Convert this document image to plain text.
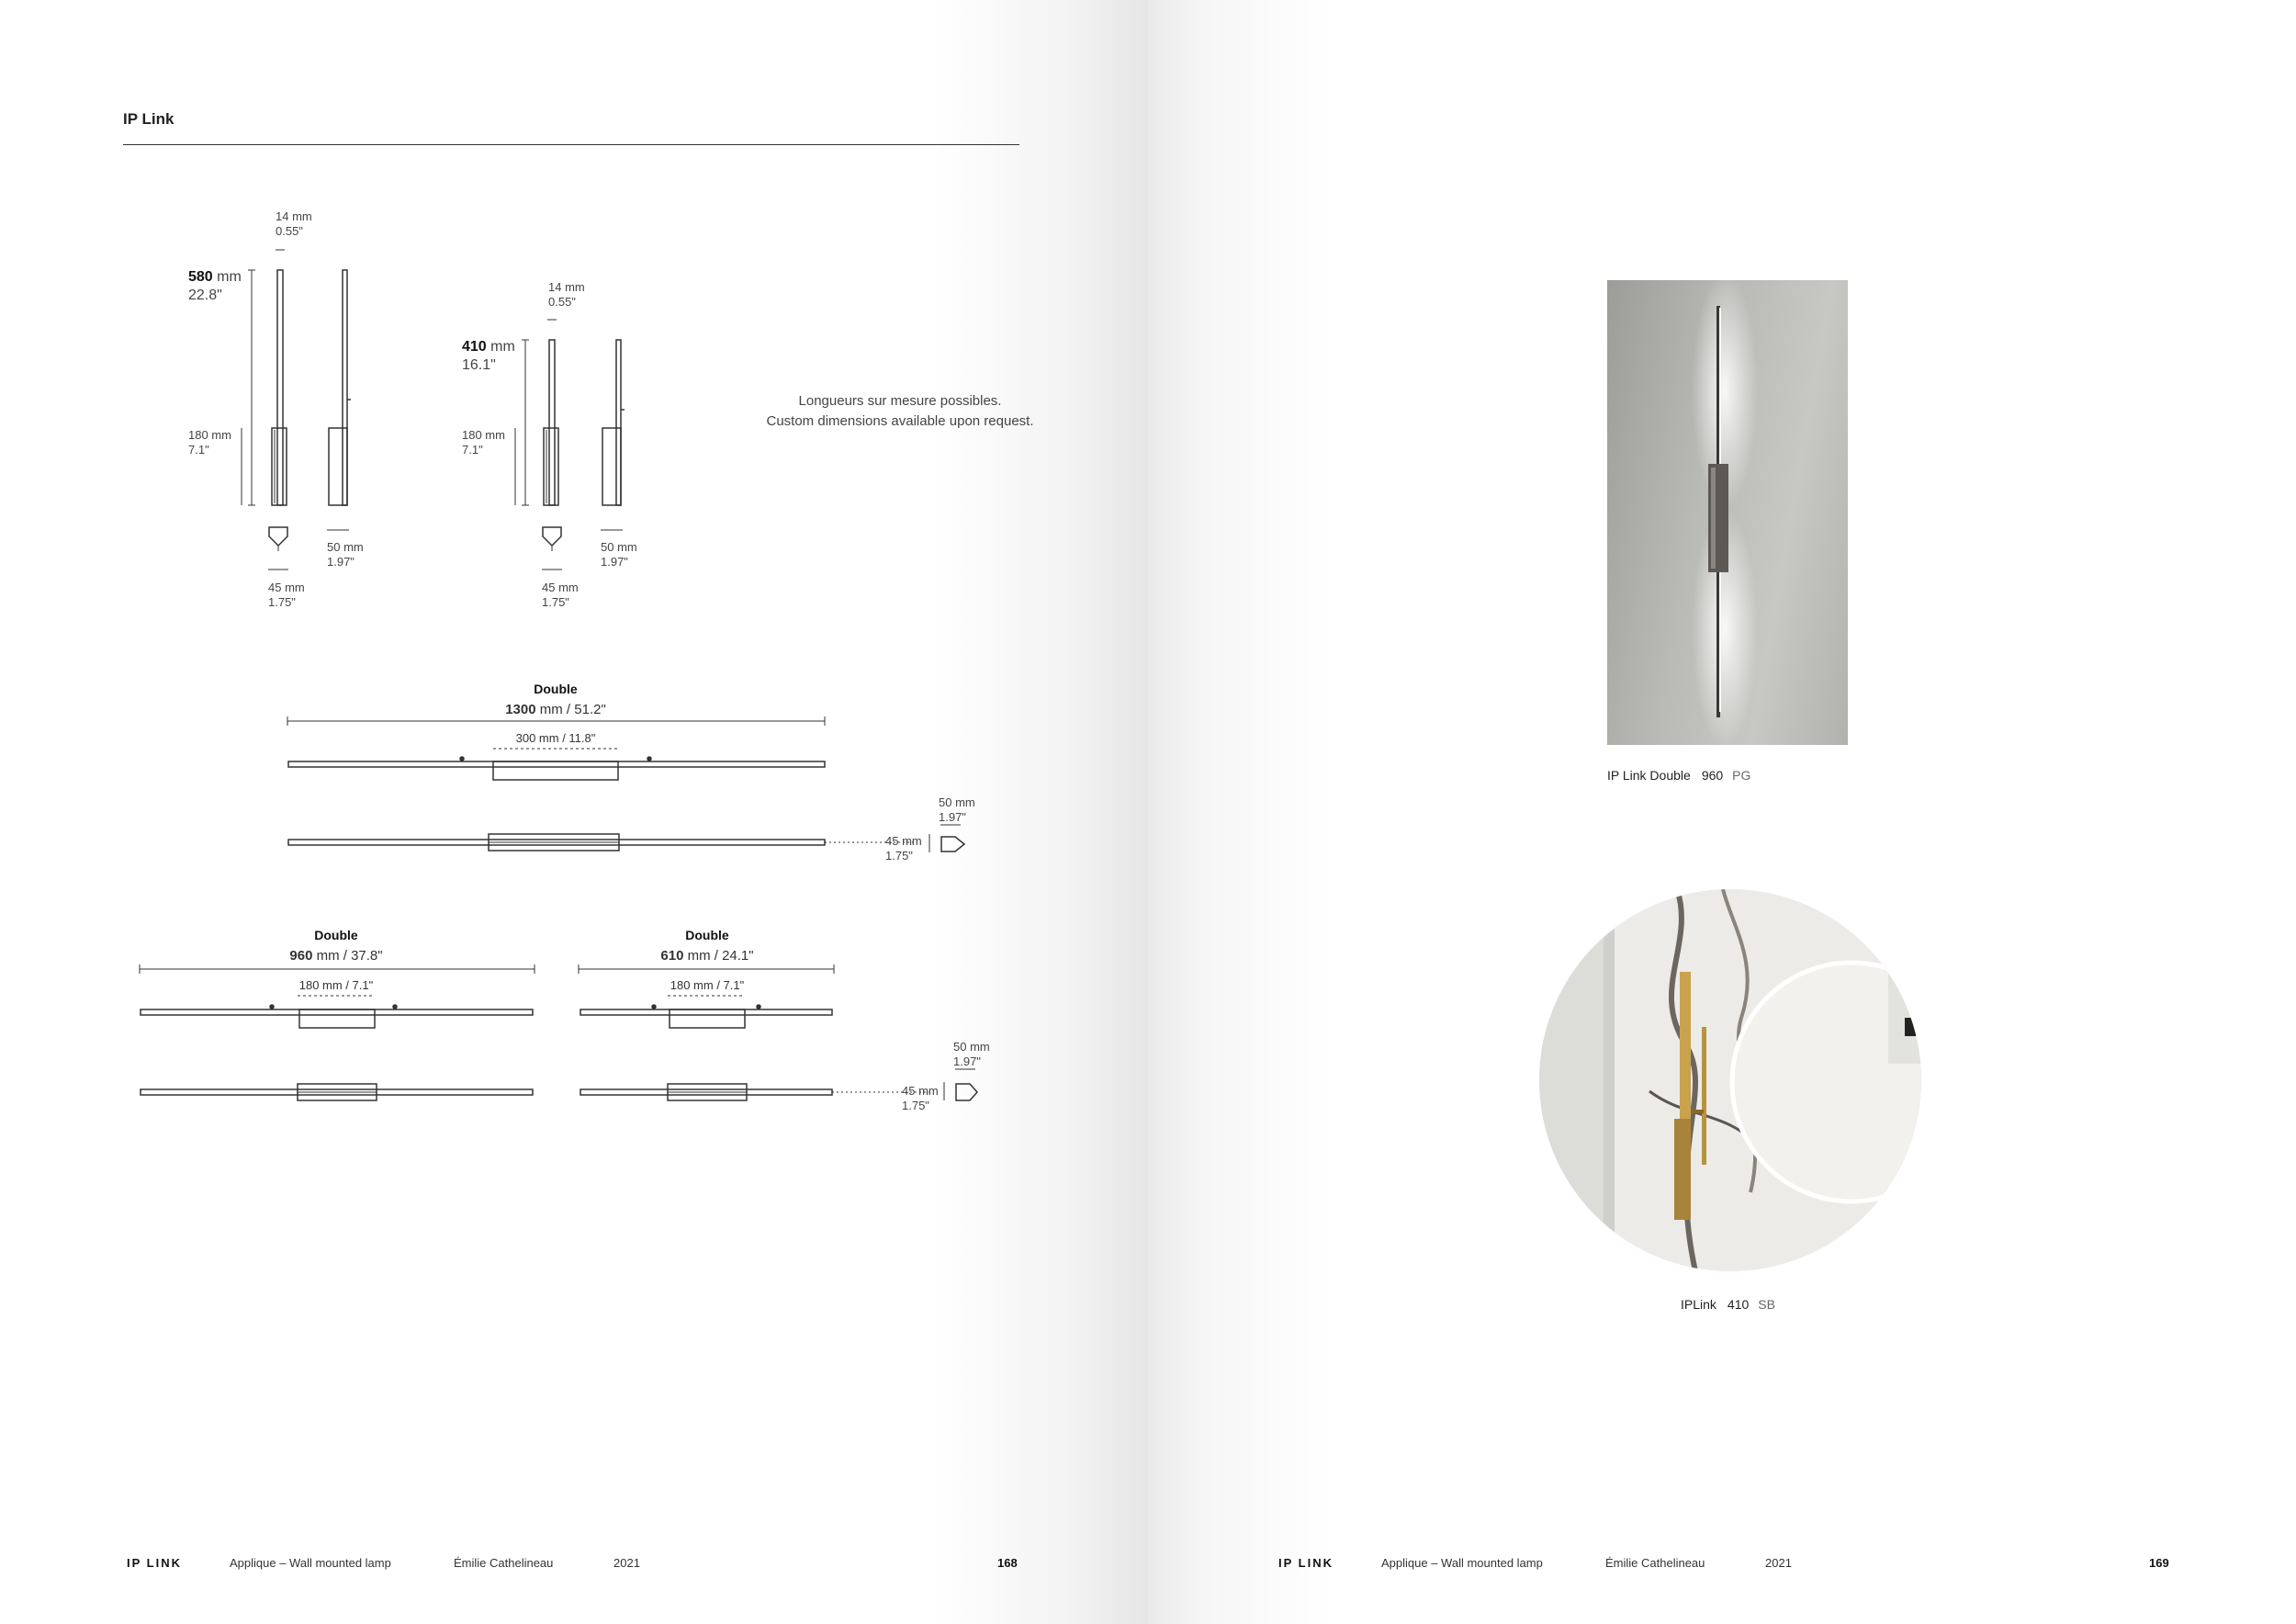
IP Link
14 mm
0.55"
580 mm
22.8"
180 mm
7.1"
50 mm
1.97"
45 mm
1.75"
14 mm
0.55"
410 mm
16.1"
180 mm
7.1"
50 mm
1.97"
45 mm
1.75"
Longueurs sur mesure possibles.
Custom dimensions available upon request.
Double
1300 mm / 51.2"
300 mm / 11.8"
50 mm
1.97"
45 mm
1.75"
Double
960 mm / 37.8"
180 mm / 7.1"
Double
610 mm / 24.1"
180 mm / 7.1"
50 mm
1.97"
45 mm
1.75"
IP LINK	Applique – Wall mounted lamp	Émilie Cathelineau	2021	168
IP Link Double 960 PG
IPLink 410 SB
IP LINK	Applique – Wall mounted lamp	Émilie Cathelineau	2021	169
